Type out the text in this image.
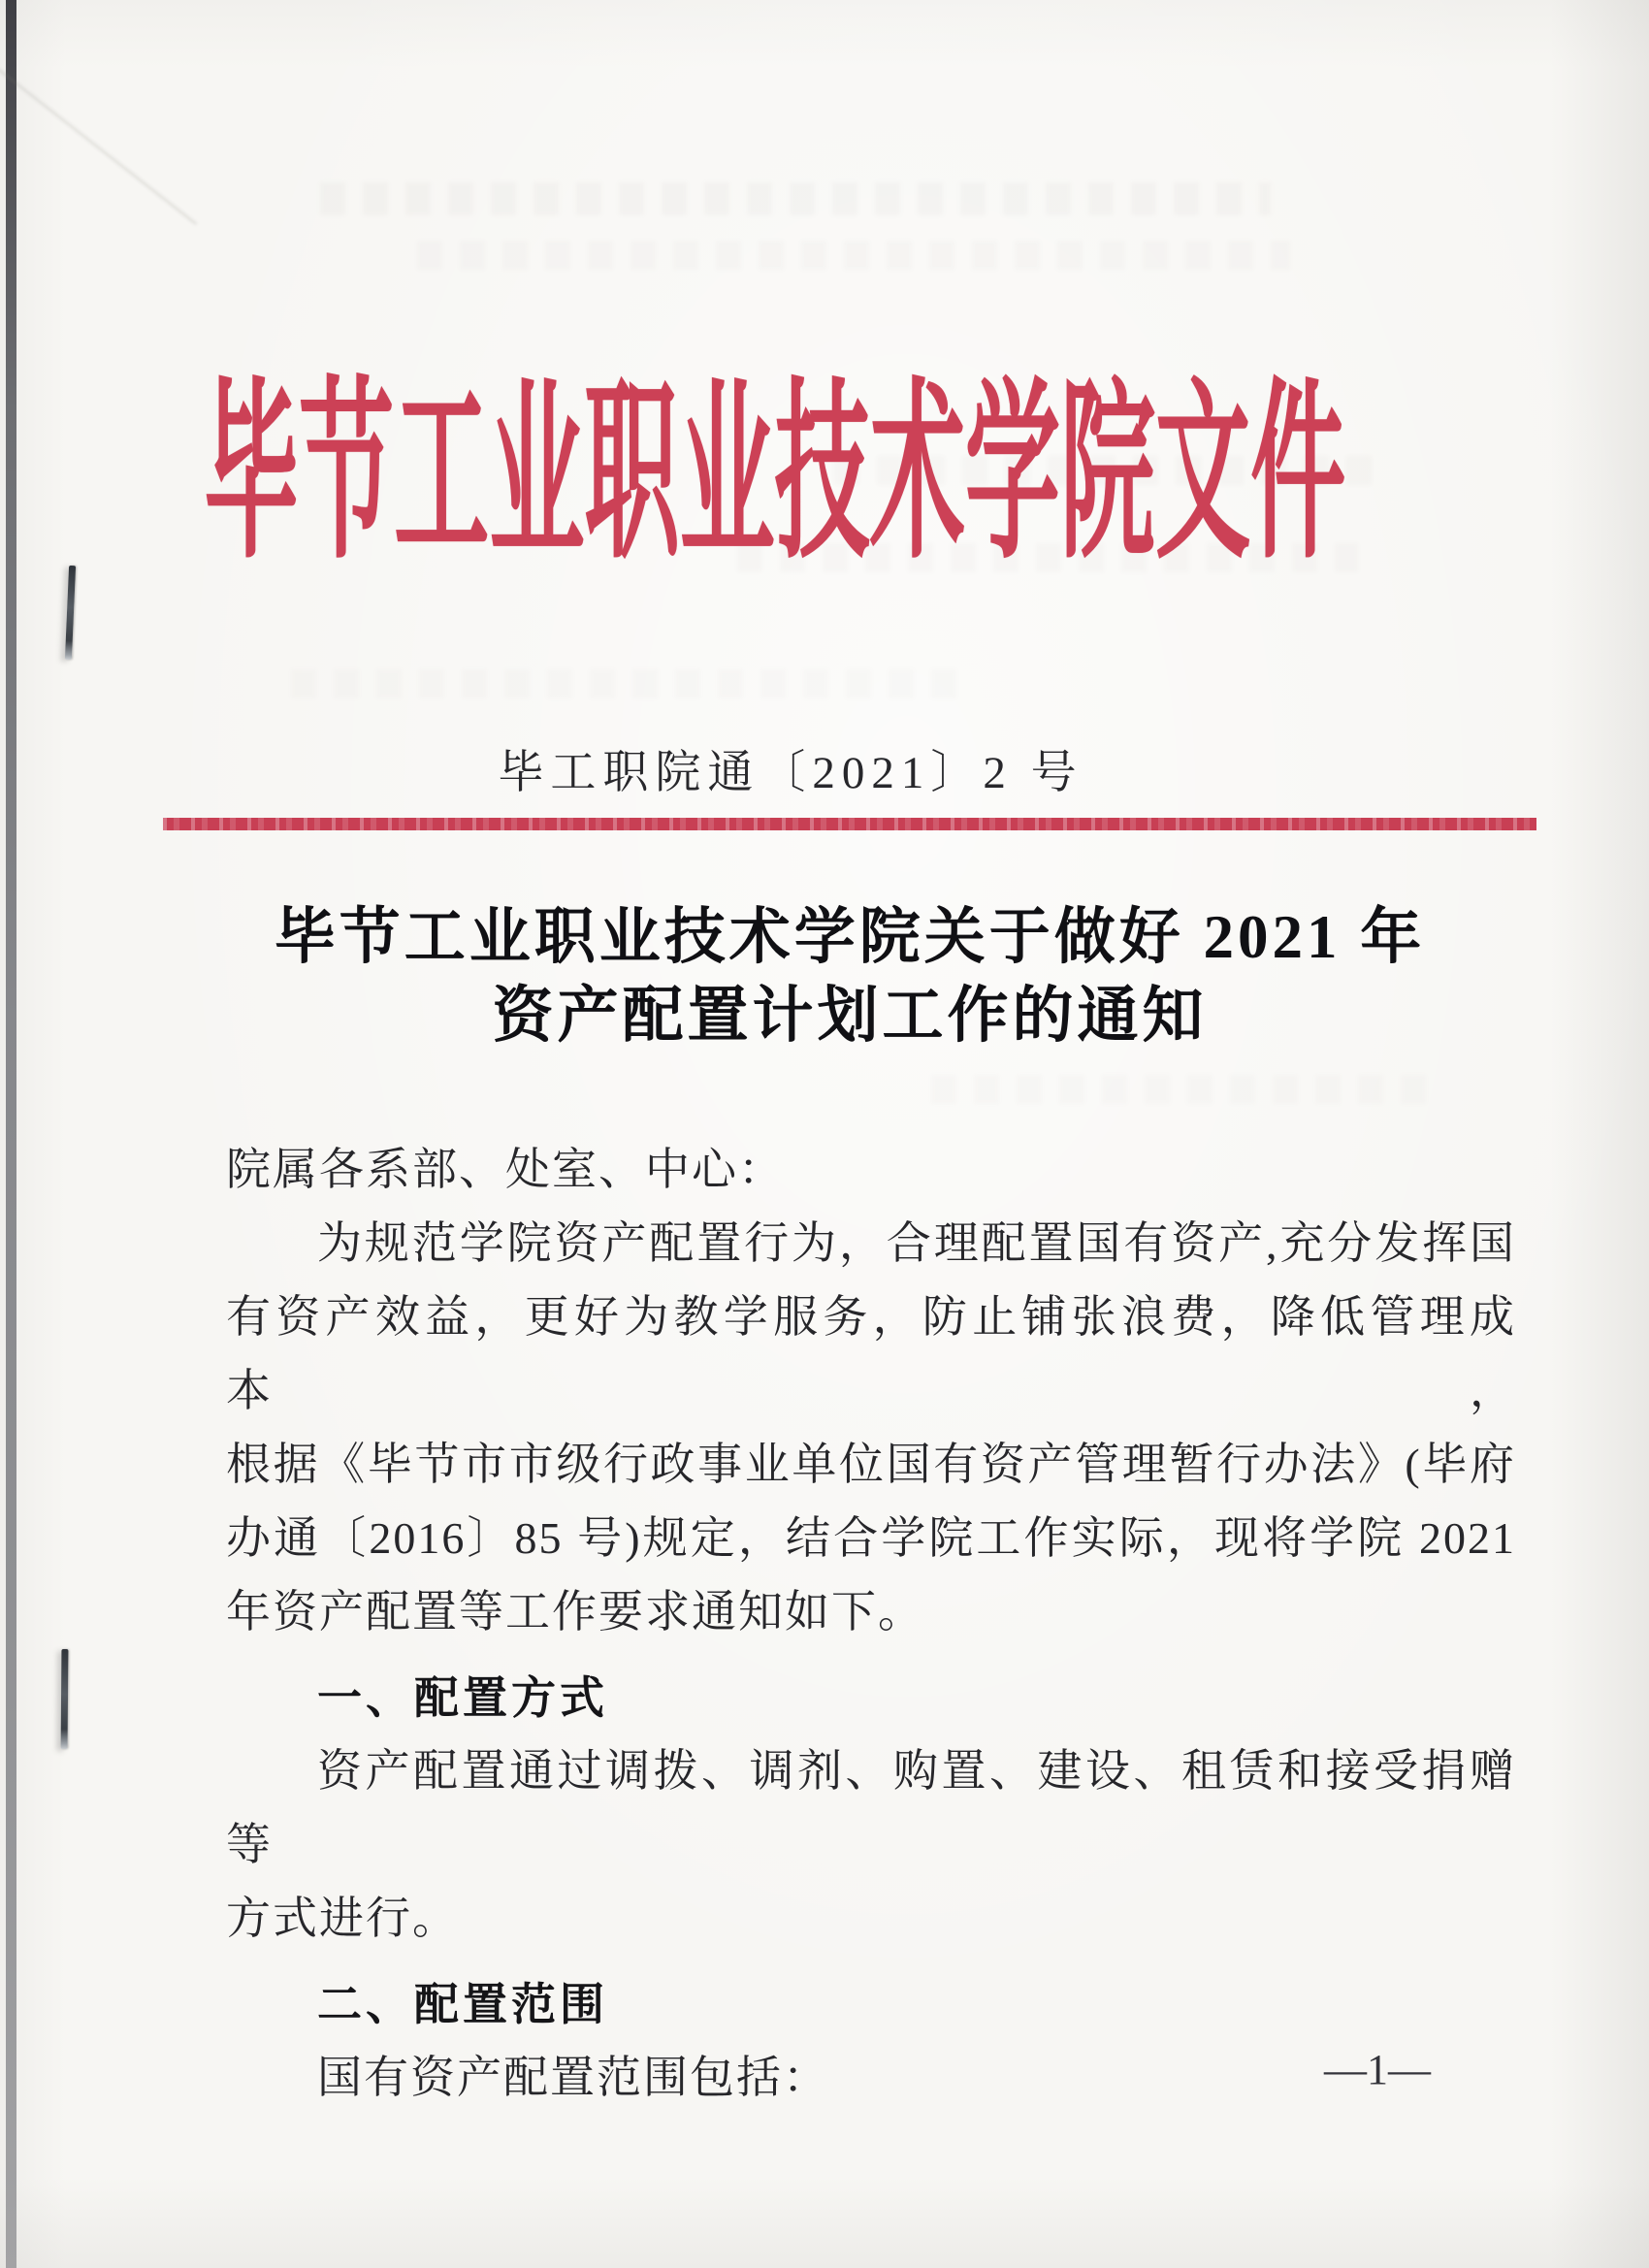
毕节工业职业技术学院文件
毕工职院通〔2021〕2 号
毕节工业职业技术学院关于做好 2021 年
资产配置计划工作的通知
院属各系部、处室、中心：
为规范学院资产配置行为，合理配置国有资产,充分发挥国
有资产效益，更好为教学服务，防止铺张浪费，降低管理成本，
根据《毕节市市级行政事业单位国有资产管理暂行办法》(毕府
办通〔2016〕85 号)规定，结合学院工作实际，现将学院 2021
年资产配置等工作要求通知如下。
一、配置方式
资产配置通过调拨、调剂、购置、建设、租赁和接受捐赠等
方式进行。
二、配置范围
国有资产配置范围包括：	—1—
